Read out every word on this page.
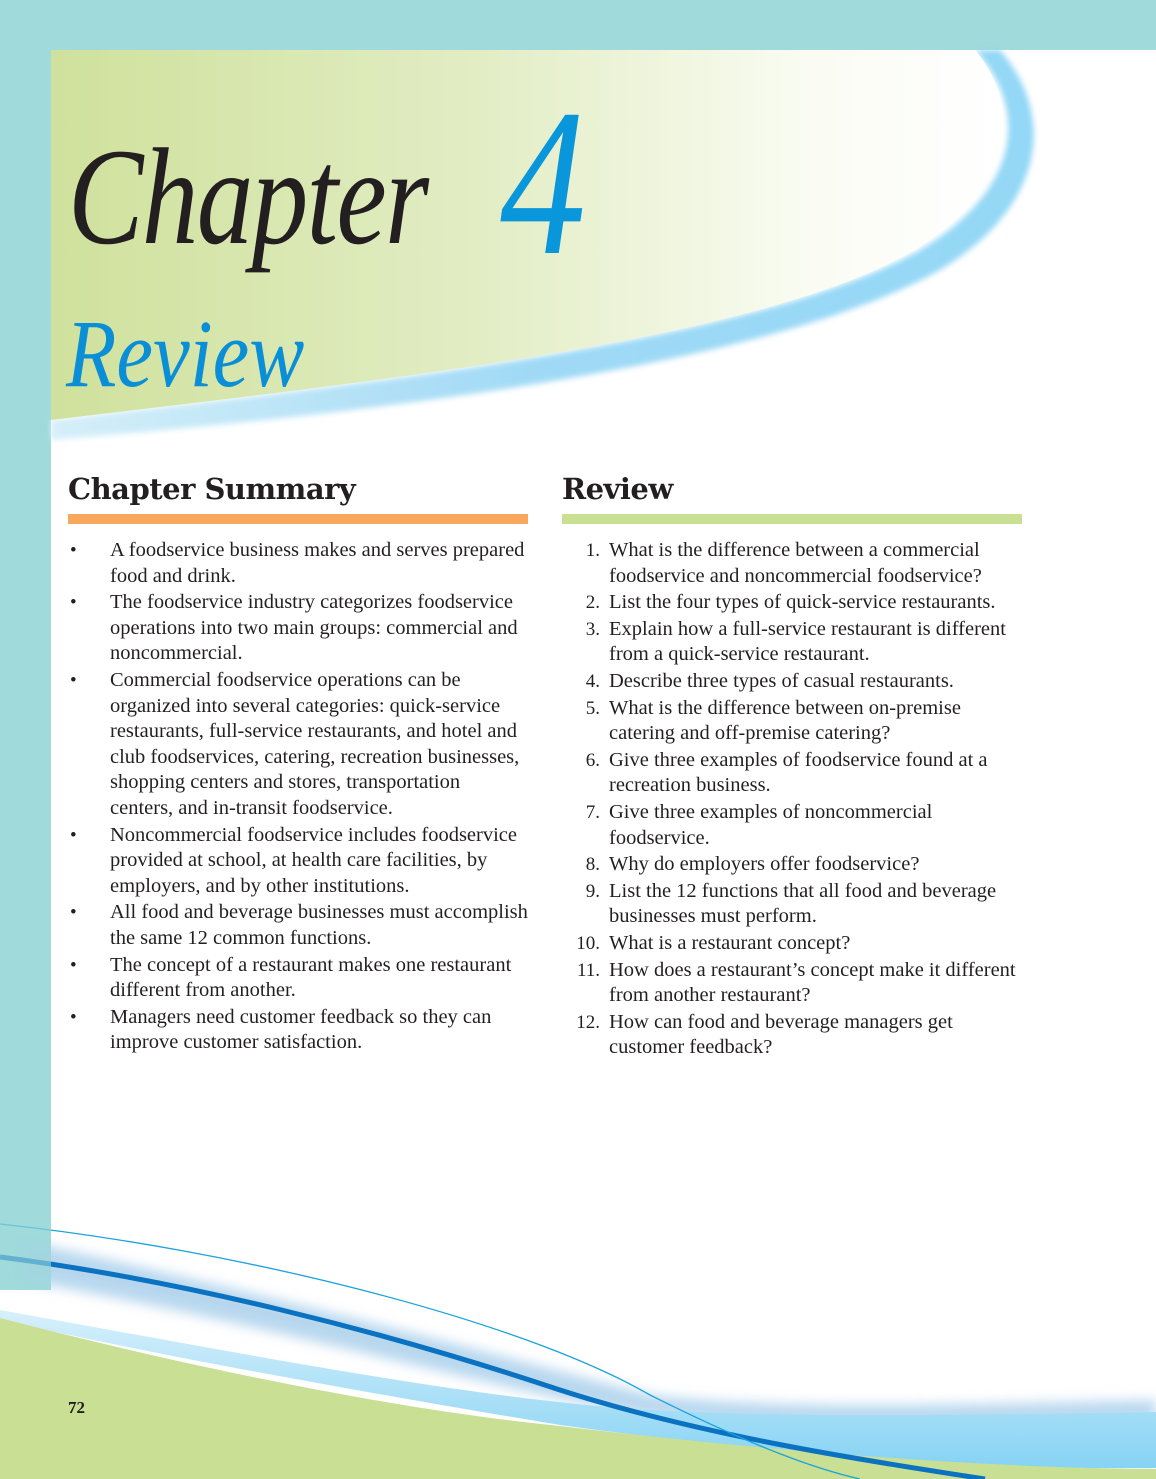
Chapter 4
Review
Chapter Summary
•	A foodservice business makes and serves prepared food and drink.
•	The foodservice industry categorizes foodservice operations into two main groups: commercial and noncommercial.
•	Commercial foodservice operations can be organized into several categories: quick-service restaurants, full-service restaurants, and hotel and club foodservices, catering, recreation businesses, shopping centers and stores, transportation centers, and in-transit foodservice.
•	Noncommercial foodservice includes foodservice provided at school, at health care facilities, by employers, and by other institutions.
•	All food and beverage businesses must accomplish the same 12 common functions.
•	The concept of a restaurant makes one restaurant different from another.
•	Managers need customer feedback so they can improve customer satisfaction.
Review
1. What is the difference between a commercial foodservice and noncommercial foodservice?
2. List the four types of quick-service restaurants.
3. Explain how a full-service restaurant is different from a quick-service restaurant.
4. Describe three types of casual restaurants.
5. What is the difference between on-premise catering and off-premise catering?
6. Give three examples of foodservice found at a recreation business.
7. Give three examples of noncommercial foodservice.
8. Why do employers offer foodservice?
9. List the 12 functions that all food and beverage businesses must perform.
10. What is a restaurant concept?
11. How does a restaurant’s concept make it different from another restaurant?
12. How can food and beverage managers get customer feedback?
72
